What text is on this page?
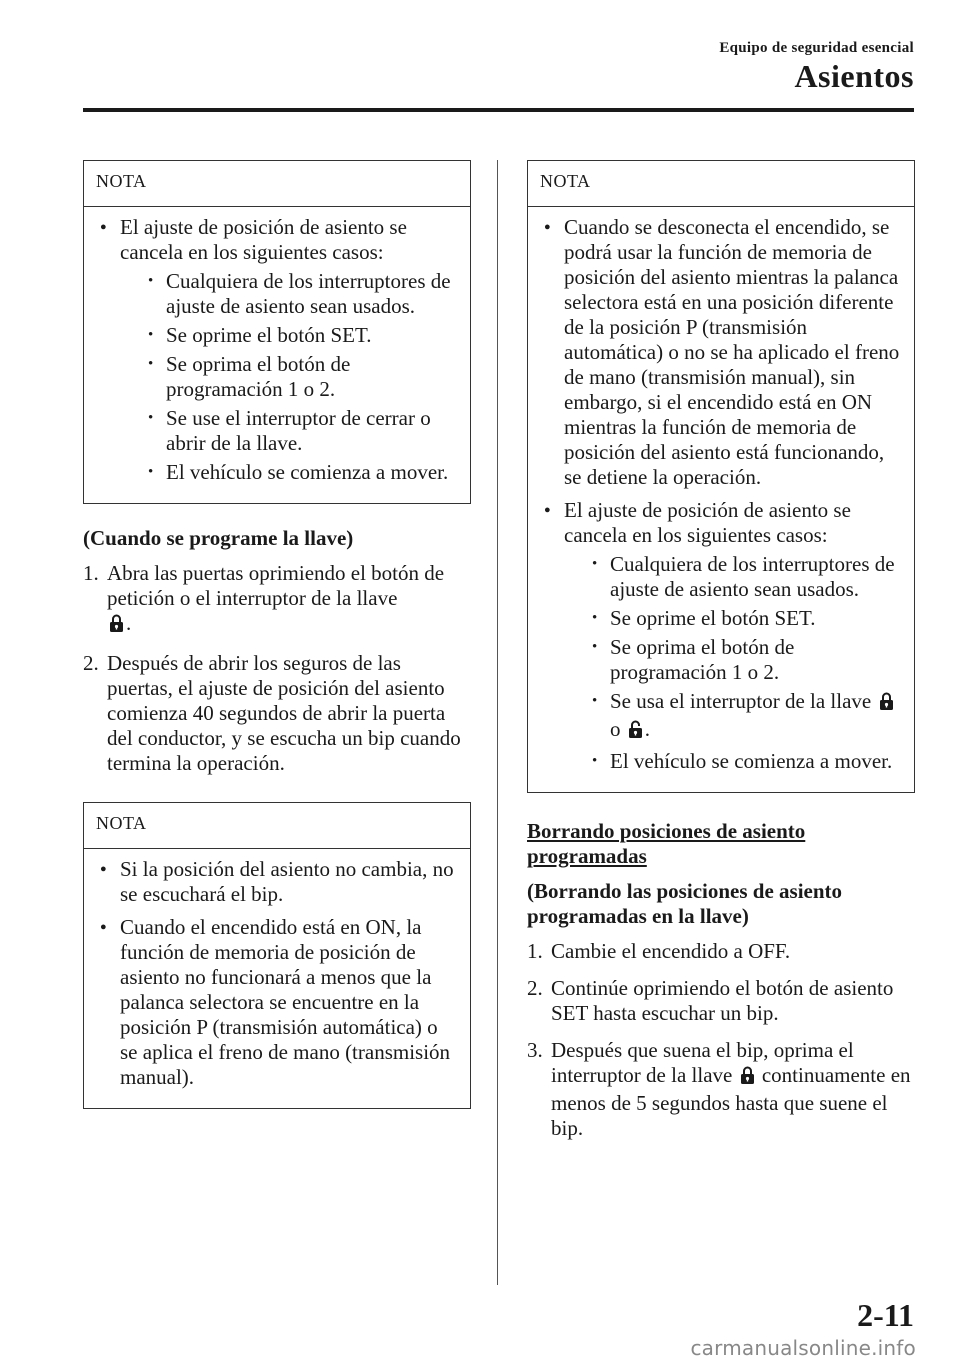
Equipo de seguridad esencial
Asientos
NOTA
● El ajuste de posición de asiento se cancela en los siguientes casos:
• Cualquiera de los interruptores de ajuste de asiento sean usados.
• Se oprime el botón SET.
• Se oprima el botón de programación 1 o 2.
• Se use el interruptor de cerrar o abrir de la llave.
• El vehículo se comienza a mover.
(Cuando se programe la llave)
1. Abra las puertas oprimiendo el botón de petición o el interruptor de la llave
.
2. Después de abrir los seguros de las puertas, el ajuste de posición del asiento comienza 40 segundos de abrir la puerta del conductor, y se escucha un bip cuando termina la operación.
NOTA
● Si la posición del asiento no cambia, no se escuchará el bip.
● Cuando el encendido está en ON, la función de memoria de posición de asiento no funcionará a menos que la palanca selectora se encuentre en la posición P (transmisión automática) o se aplica el freno de mano (transmisión manual).
NOTA
● Cuando se desconecta el encendido, se podrá usar la función de memoria de posición del asiento mientras la palanca selectora está en una posición diferente de la posición P (transmisión automática) o no se ha aplicado el freno de mano (transmisión manual), sin embargo, si el encendido está en ON mientras la función de memoria de posición del asiento está funcionando, se detiene la operación.
● El ajuste de posición de asiento se cancela en los siguientes casos:
• Cualquiera de los interruptores de ajuste de asiento sean usados.
• Se oprime el botón SET.
• Se oprima el botón de programación 1 o 2.
• Se usa el interruptor de la llave
o .
• El vehículo se comienza a mover.
Borrando posiciones de asiento programadas
(Borrando las posiciones de asiento programadas en la llave)
1. Cambie el encendido a OFF.
2. Continúe oprimiendo el botón de asiento SET hasta escuchar un bip.
3. Después que suena el bip, oprima el interruptor de la llave continuamente en menos de 5 segundos hasta que suene el bip.
2-11
carmanualsonline.info
